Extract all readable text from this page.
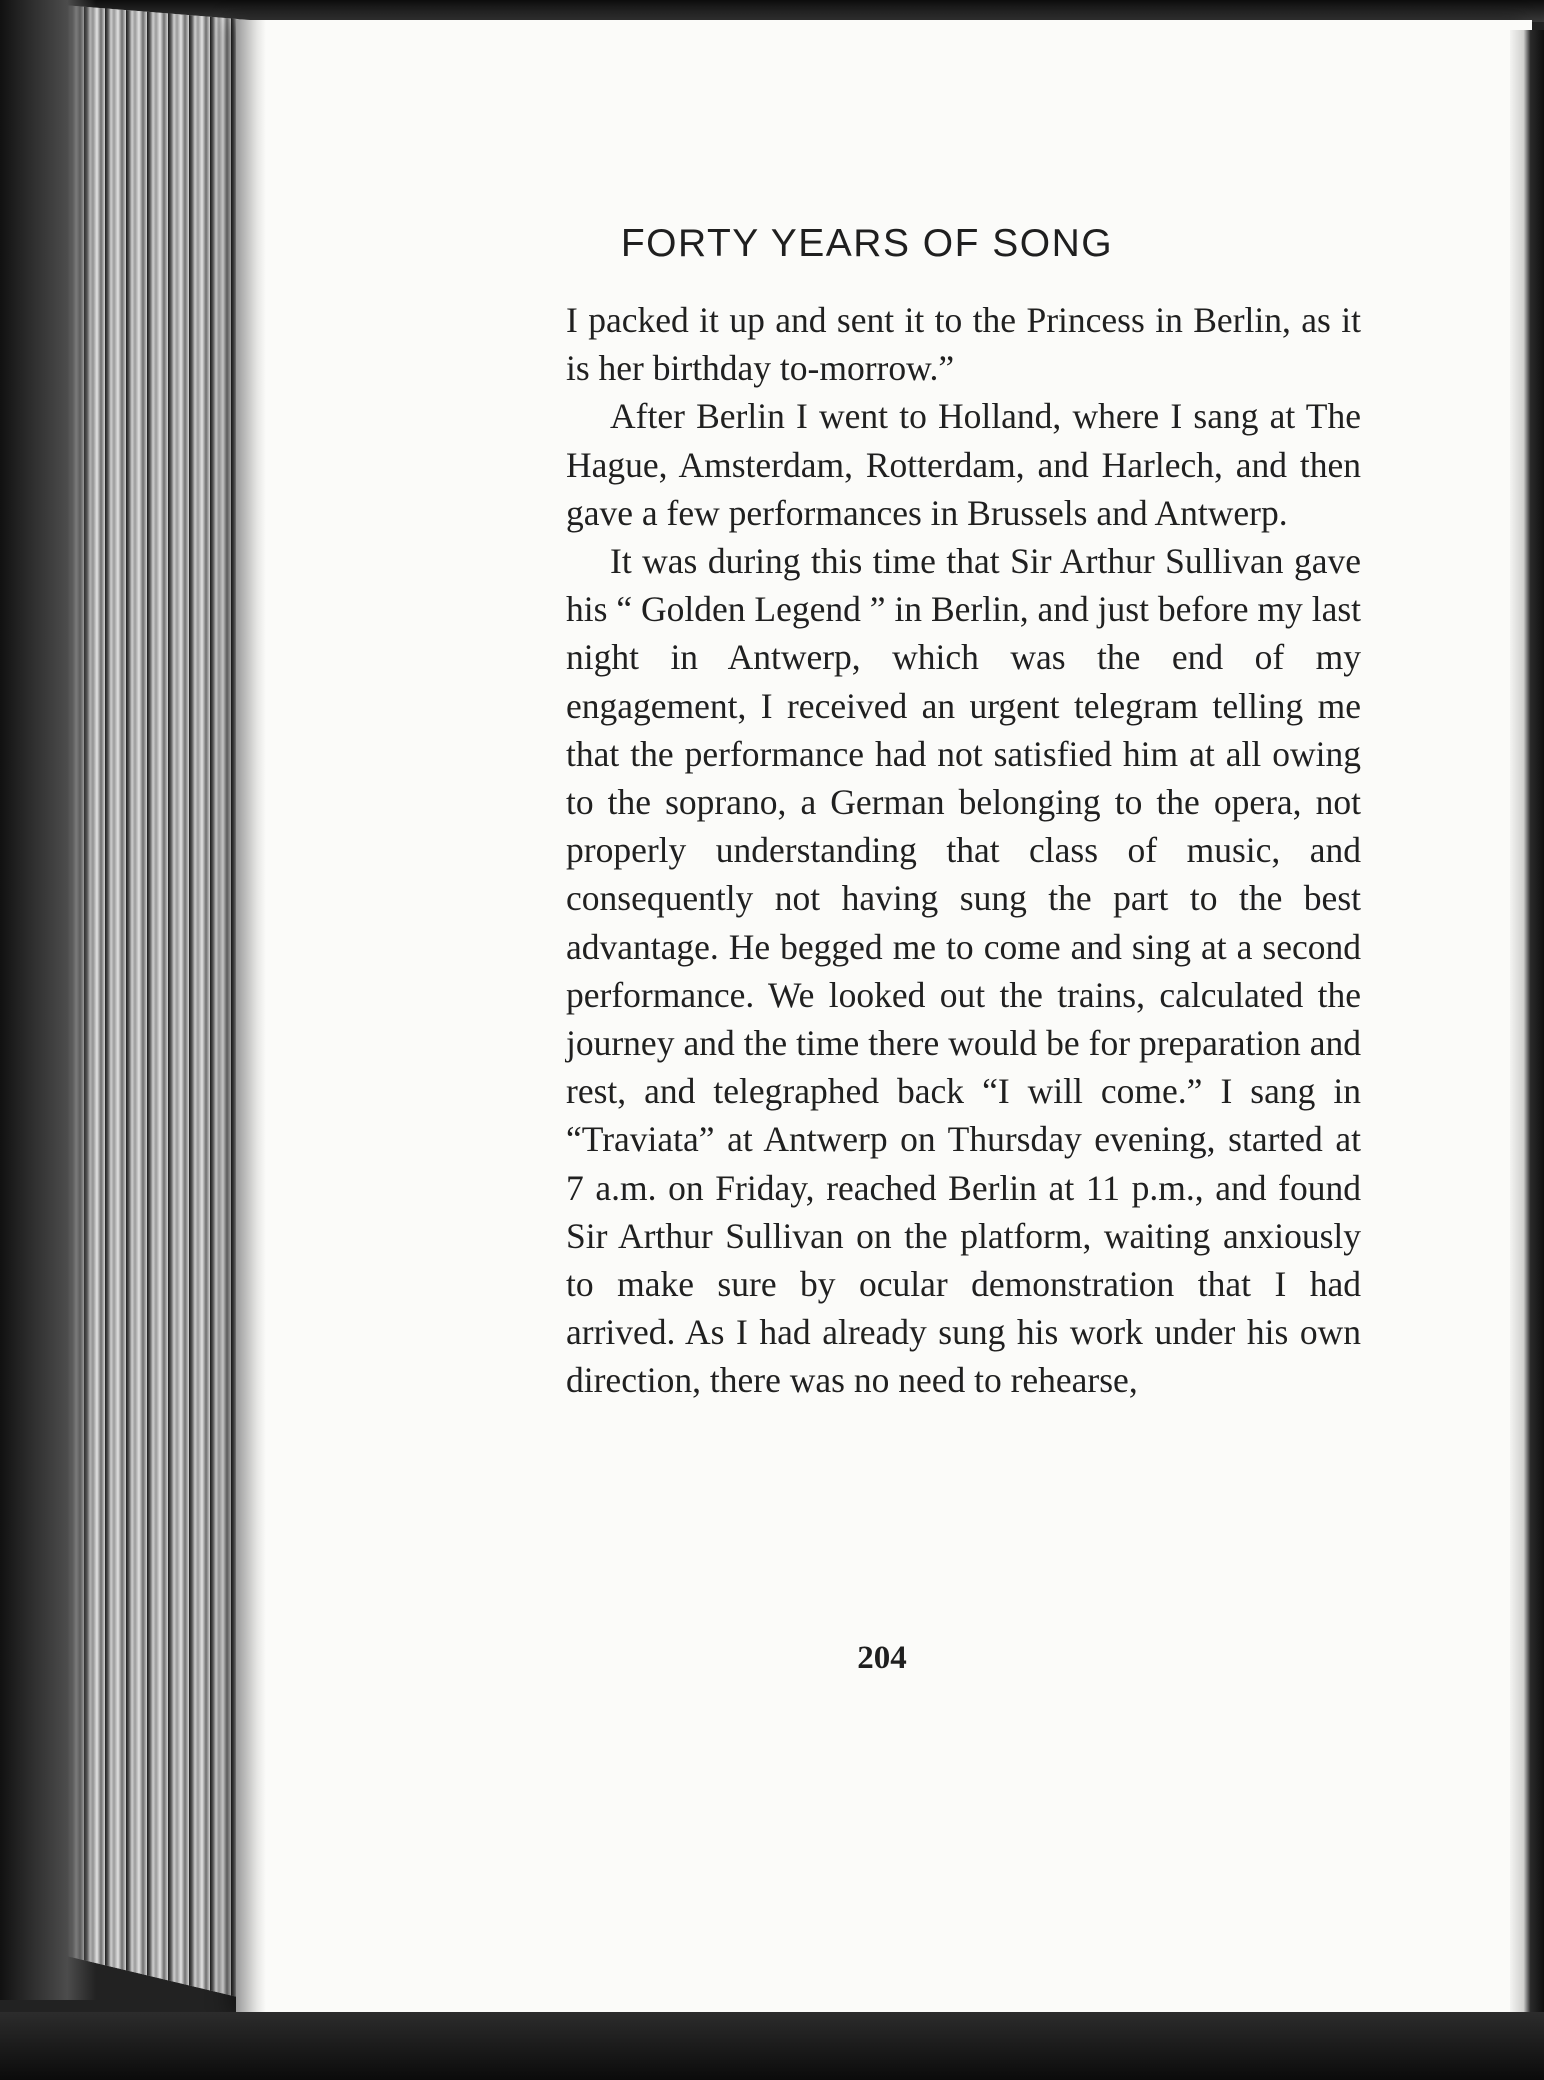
FORTY YEARS OF SONG

I packed it up and sent it to the Princess in Berlin, as it is her birthday to-morrow.”

After Berlin I went to Holland, where I sang at The Hague, Amsterdam, Rotterdam, and Harlech, and then gave a few performances in Brussels and Antwerp.

It was during this time that Sir Arthur Sullivan gave his “ Golden Legend ” in Berlin, and just before my last night in Antwerp, which was the end of my engagement, I received an urgent telegram telling me that the performance had not satisfied him at all owing to the soprano, a German belonging to the opera, not properly understanding that class of music, and consequently not having sung the part to the best advantage. He begged me to come and sing at a second performance. We looked out the trains, calculated the journey and the time there would be for preparation and rest, and telegraphed back “I will come.” I sang in “Traviata” at Antwerp on Thursday evening, started at 7 a.m. on Friday, reached Berlin at 11 p.m., and found Sir Arthur Sullivan on the platform, waiting anxiously to make sure by ocular demonstration that I had arrived. As I had already sung his work under his own direction, there was no need to rehearse,

204
